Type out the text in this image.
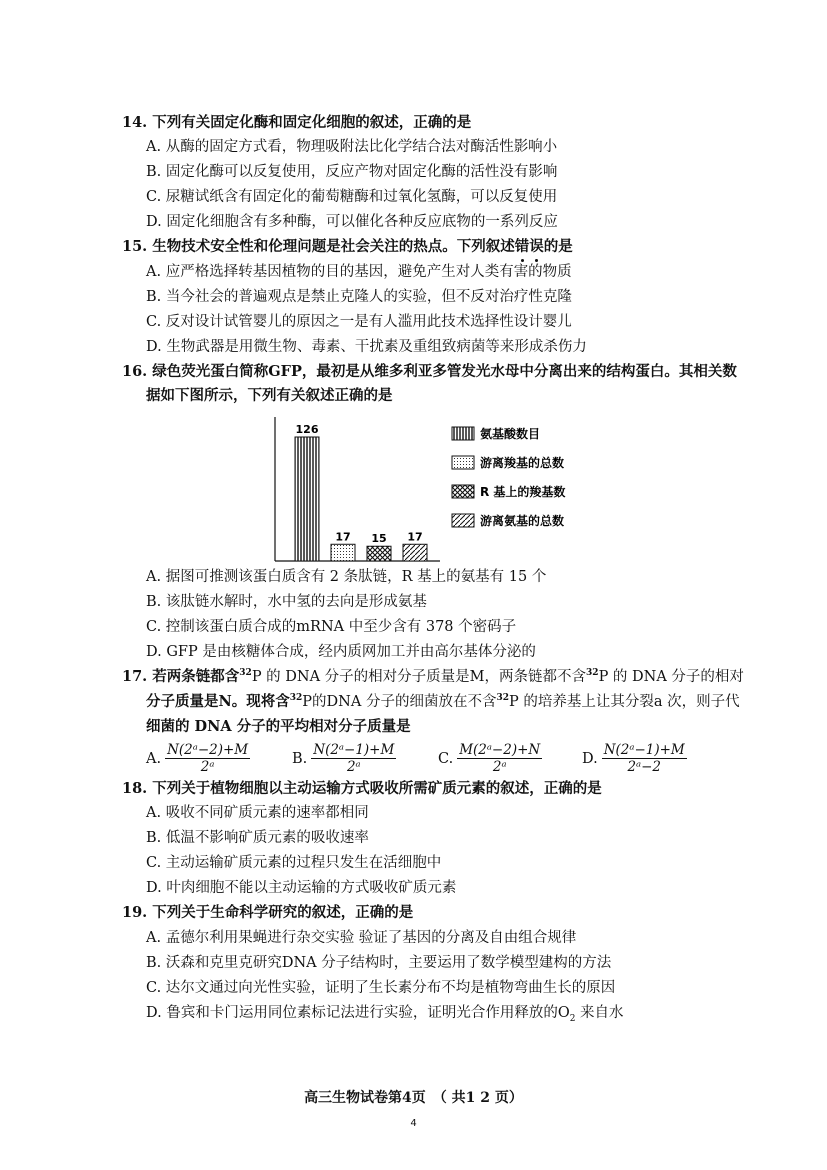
14. 下列有关固定化酶和固定化细胞的叙述，正确的是
A. 从酶的固定方式看，物理吸附法比化学结合法对酶活性影响小
B. 固定化酶可以反复使用，反应产物对固定化酶的活性没有影响
C. 尿糖试纸含有固定化的葡萄糖酶和过氧化氢酶，可以反复使用
D. 固定化细胞含有多种酶，可以催化各种反应底物的一系列反应
15. 生物技术安全性和伦理问题是社会关注的热点。下列叙述错误的是
A. 应严格选择转基因植物的目的基因，避免产生对人类有害的物质
B. 当今社会的普遍观点是禁止克隆人的实验，但不反对治疗性克隆
C. 反对设计试管婴儿的原因之一是有人滥用此技术选择性设计婴儿
D. 生物武器是用微生物、毒素、干扰素及重组致病菌等来形成杀伤力
16. 绿色荧光蛋白简称GFP，最初是从维多利亚多管发光水母中分离出来的结构蛋白。其相关数
据如下图所示，下列有关叙述正确的是
126
17 15 17
氨基酸数目
游离羧基的总数
R 基上的羧基数
游离氨基的总数
A. 据图可推测该蛋白质含有 2 条肽链，R 基上的氨基有 15 个
B. 该肽链水解时，水中氢的去向是形成氨基
C. 控制该蛋白质合成的mRNA 中至少含有 378 个密码子
D. GFP 是由核糖体合成，经内质网加工并由高尔基体分泌的
17. 若两条链都含$^{32}$P 的 DNA 分子的相对分子质量是M，两条链都不含$^{32}$P 的 DNA 分子的相对
分子质量是N。现将含$^{32}$P的DNA 分子的细菌放在不含$^{32}$P 的培养基上让其分裂a 次，则子代
细菌的 DNA 分子的平均相对分子质量是
A. $\frac{\text{N(2ᵃ−2)+M}}{\text{2ᵃ}}$	B. $\frac{\text{N(2ᵃ−1)+M}}{\text{2ᵃ}}$	C. $\frac{\text{M(2ᵃ−2)+N}}{\text{2ᵃ}}$	D. $\frac{\text{N(2ᵃ−1)+M}}{\text{2ᵃ−2}}$
18. 下列关于植物细胞以主动运输方式吸收所需矿质元素的叙述，正确的是
A. 吸收不同矿质元素的速率都相同
B. 低温不影响矿质元素的吸收速率
C. 主动运输矿质元素的过程只发生在活细胞中
D. 叶肉细胞不能以主动运输的方式吸收矿质元素
19. 下列关于生命科学研究的叙述，正确的是
A. 孟德尔利用果蝇进行杂交实验 验证了基因的分离及自由组合规律
B. 沃森和克里克研究DNA 分子结构时，主要运用了数学模型建构的方法
C. 达尔文通过向光性实验，证明了生长素分布不均是植物弯曲生长的原因
D. 鲁宾和卡门运用同位素标记法进行实验，证明光合作用释放的$O_2$ 来自水
高三生物试卷第4页　（ 共1 2 页）
4
